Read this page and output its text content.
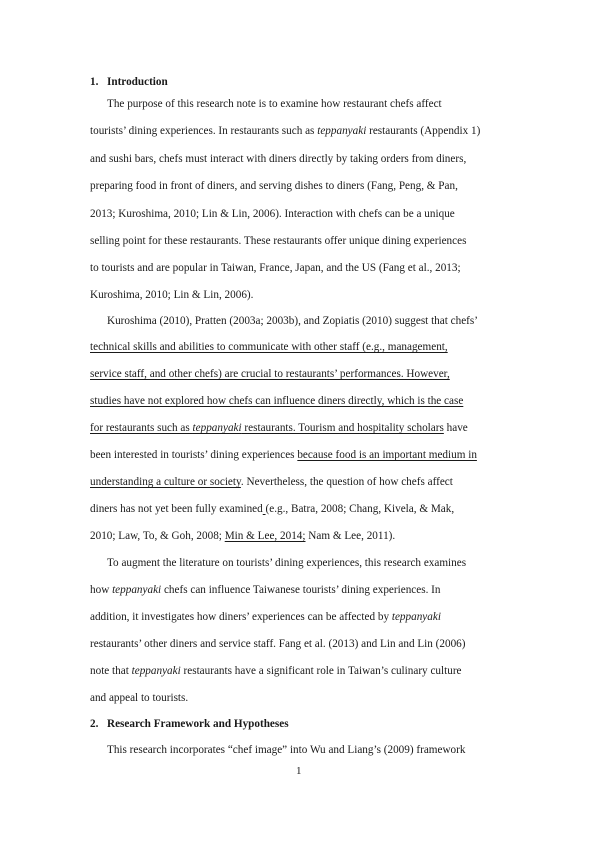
1. Introduction
The purpose of this research note is to examine how restaurant chefs affect
tourists’ dining experiences. In restaurants such as teppanyaki restaurants (Appendix 1)
and sushi bars, chefs must interact with diners directly by taking orders from diners,
preparing food in front of diners, and serving dishes to diners (Fang, Peng, & Pan,
2013; Kuroshima, 2010; Lin & Lin, 2006). Interaction with chefs can be a unique
selling point for these restaurants. These restaurants offer unique dining experiences
to tourists and are popular in Taiwan, France, Japan, and the US (Fang et al., 2013;
Kuroshima, 2010; Lin & Lin, 2006).
Kuroshima (2010), Pratten (2003a; 2003b), and Zopiatis (2010) suggest that chefs’
technical skills and abilities to communicate with other staff (e.g., management,
service staff, and other chefs) are crucial to restaurants’ performances. However,
studies have not explored how chefs can influence diners directly, which is the case
for restaurants such as teppanyaki restaurants. Tourism and hospitality scholars have
been interested in tourists’ dining experiences because food is an important medium in
understanding a culture or society. Nevertheless, the question of how chefs affect
diners has not yet been fully examined (e.g., Batra, 2008; Chang, Kivela, & Mak,
2010; Law, To, & Goh, 2008; Min & Lee, 2014; Nam & Lee, 2011).
To augment the literature on tourists’ dining experiences, this research examines
how teppanyaki chefs can influence Taiwanese tourists’ dining experiences. In
addition, it investigates how diners’ experiences can be affected by teppanyaki
restaurants’ other diners and service staff. Fang et al. (2013) and Lin and Lin (2006)
note that teppanyaki restaurants have a significant role in Taiwan’s culinary culture
and appeal to tourists.
2. Research Framework and Hypotheses
This research incorporates “chef image” into Wu and Liang’s (2009) framework
1
